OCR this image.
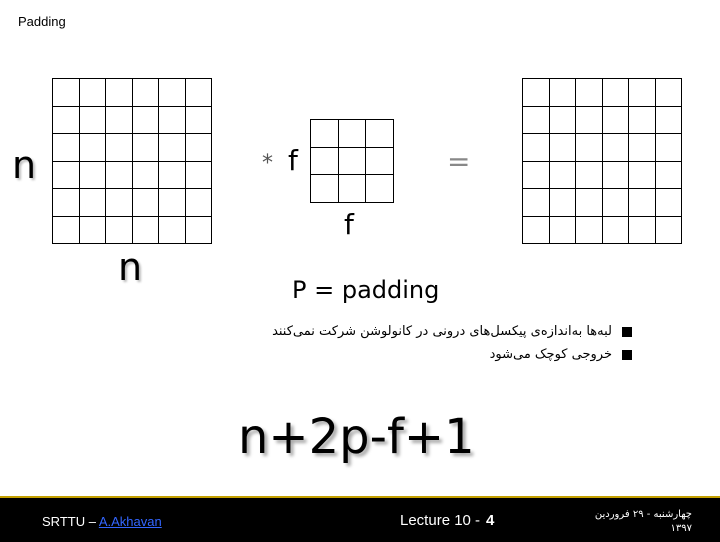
Padding
n
n
* f
f
=
P = padding
لبه‌ها به‌اندازه‌ی پیکسل‌های درونی در کانولوشن شرکت نمی‌کنند
خروجی کوچک می‌شود
n+2p-f+1
SRTTU – A.Akhavan	Lecture 10 - 4	چهارشنبه - ۲۹ فروردین
۱۳۹۷
